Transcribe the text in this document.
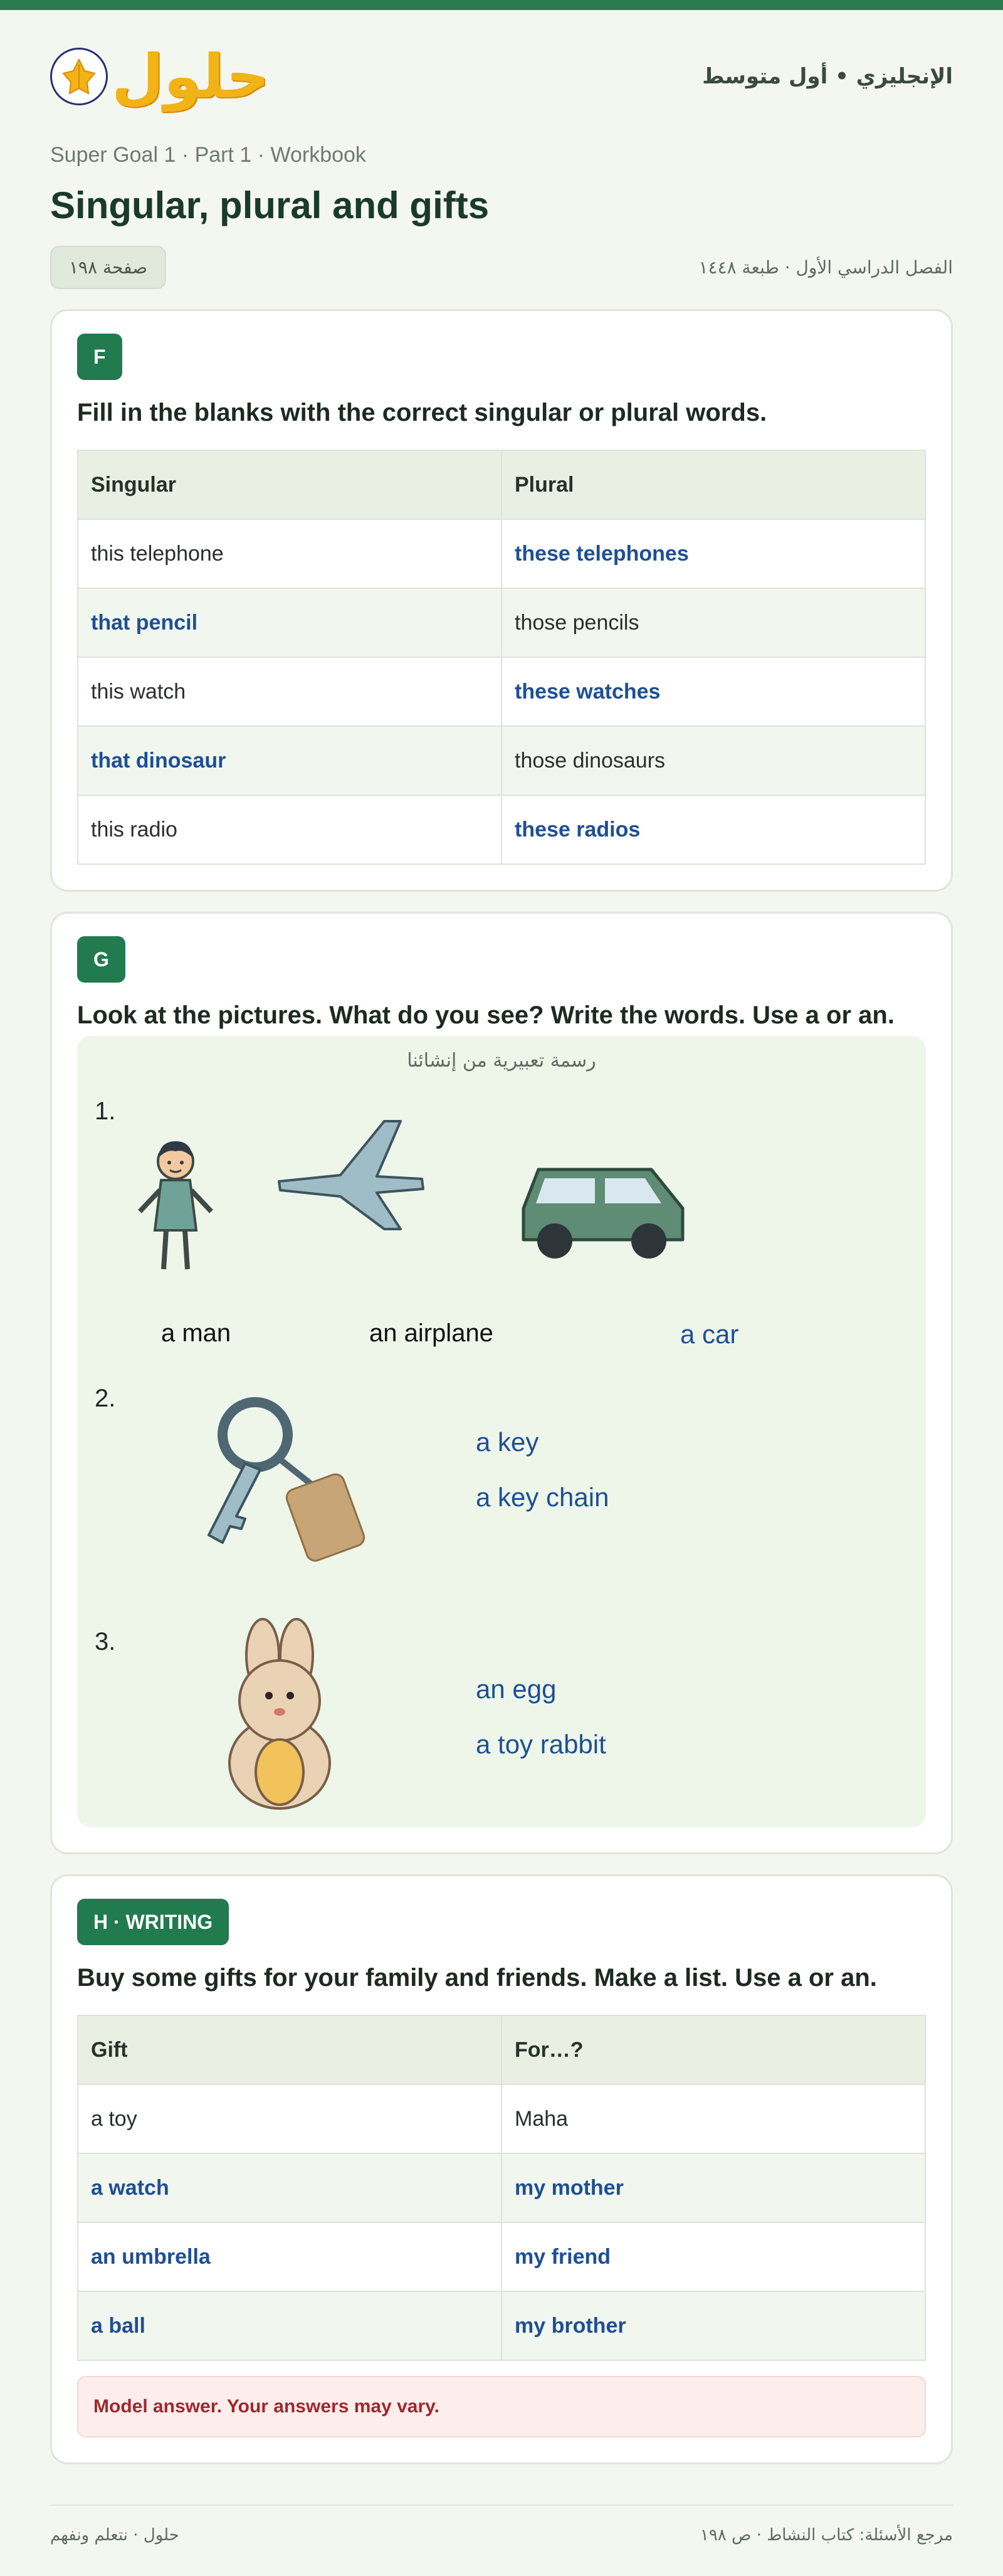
حلول	الإنجليزي • أول متوسط
Super Goal 1 · Part 1 · Workbook
Singular, plural and gifts
صفحة ١٩٨	الفصل الدراسي الأول · طبعة ١٤٤٨
F
Fill in the blanks with the correct singular or plural words.
Singular	Plural
this telephone	these telephones
that pencil	those pencils
this watch	these watches
that dinosaur	those dinosaurs
this radio	these radios
G
Look at the pictures. What do you see? Write the words. Use a or an.
رسمة تعبيرية من إنشائنا
1.
a man	an airplane	a car
2.
a key
a key chain
3.
an egg
a toy rabbit
H · WRITING
Buy some gifts for your family and friends. Make a list. Use a or an.
Gift	For…?
a toy	Maha
a watch	my mother
an umbrella	my friend
a ball	my brother
Model answer. Your answers may vary.
حلول · نتعلم ونفهم	مرجع الأسئلة: كتاب النشاط · ص ١٩٨
